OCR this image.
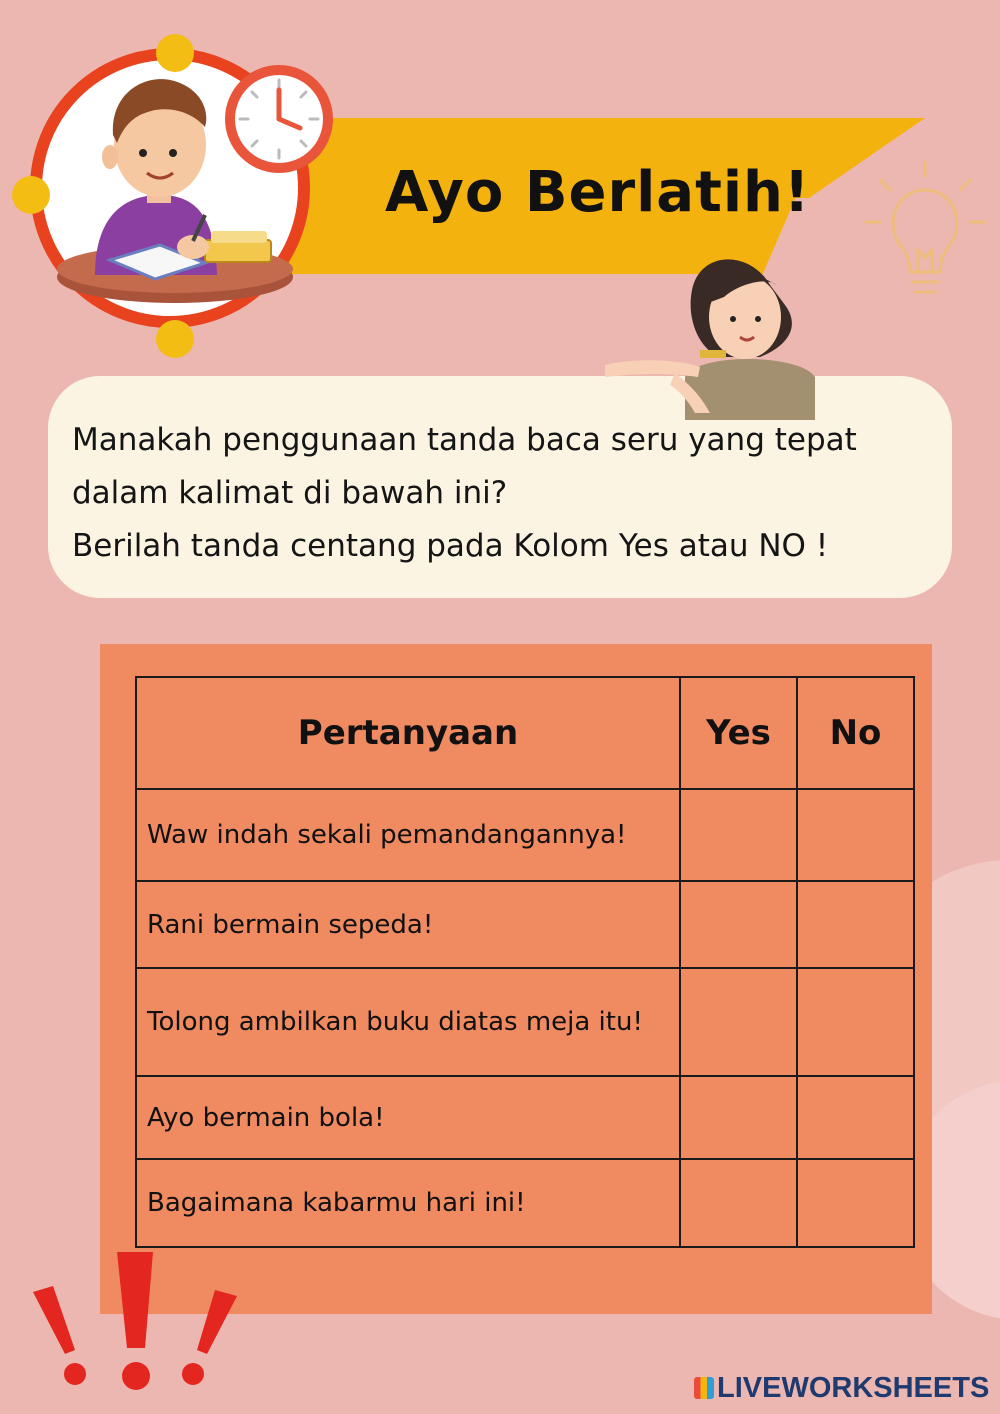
Ayo Berlatih!
Manakah penggunaan tanda baca seru yang tepat
dalam kalimat di bawah ini?
Berilah tanda centang pada Kolom Yes atau NO !
Pertanyaan	Yes	No
Waw indah sekali pemandangannya!		
Rani bermain sepeda!		
Tolong ambilkan buku diatas meja itu!		
Ayo bermain bola!		
Bagaimana kabarmu hari ini!		
LIVEWORKSHEETS
